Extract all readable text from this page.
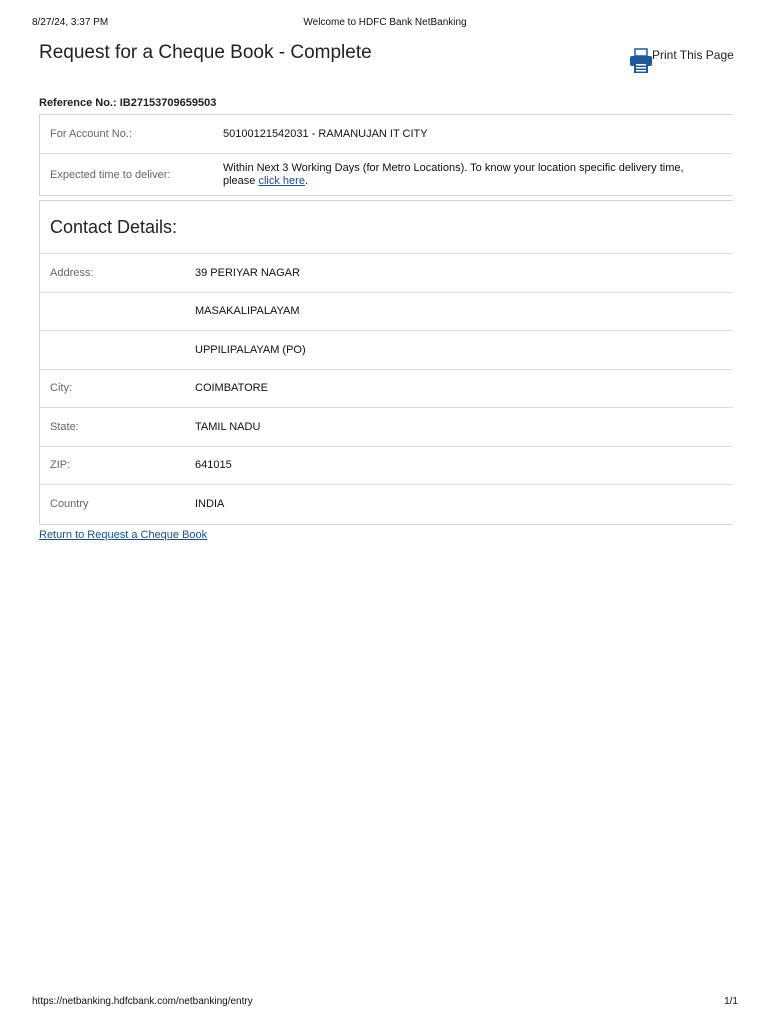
8/27/24, 3:37 PM	Welcome to HDFC Bank NetBanking
Request for a Cheque Book - Complete	Print This Page
Reference No.: IB27153709659503
For Account No.:	50100121542031 - RAMANUJAN IT CITY
Expected time to deliver:
Within Next 3 Working Days (for Metro Locations). To know your location specific delivery time, please click here.
Contact Details:
Address:	39 PERIYAR NAGAR
MASAKALIPALAYAM
UPPILIPALAYAM (PO)
City:	COIMBATORE
State:	TAMIL NADU
ZIP:	641015
Country	INDIA
Return to Request a Cheque Book
https://netbanking.hdfcbank.com/netbanking/entry	1/1
